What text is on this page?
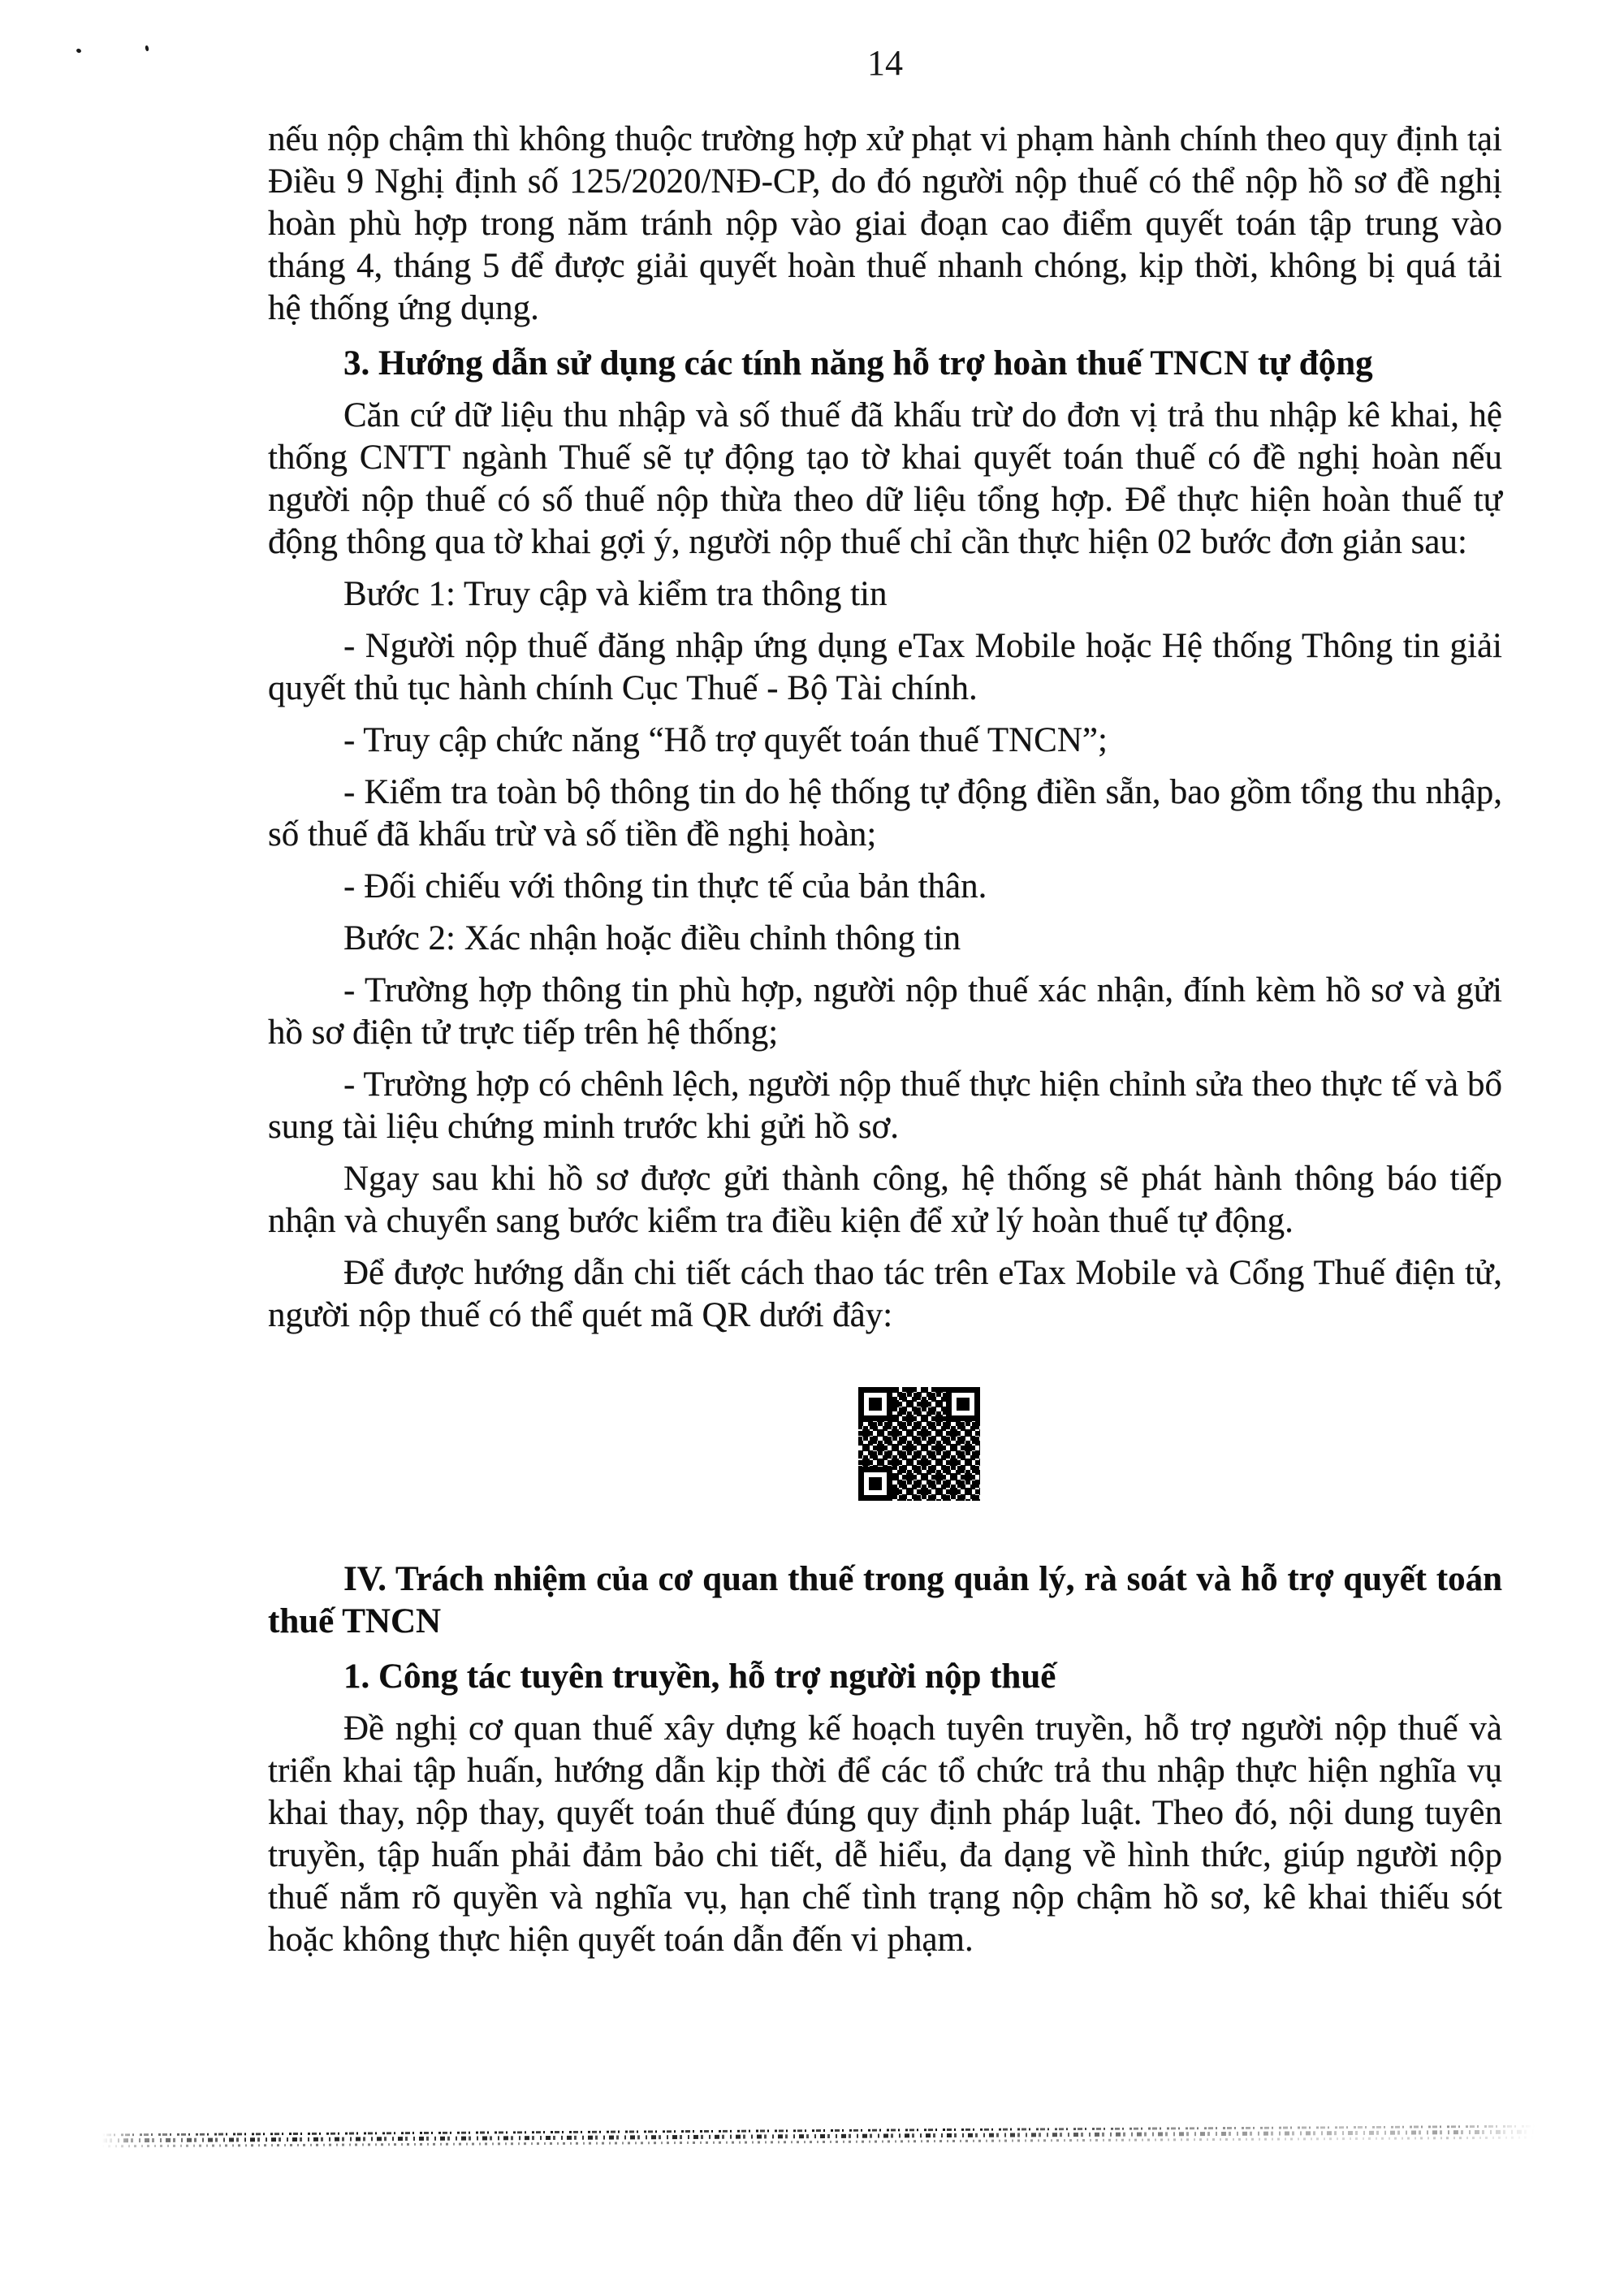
14

nếu nộp chậm thì không thuộc trường hợp xử phạt vi phạm hành chính theo quy định tại Điều 9 Nghị định số 125/2020/NĐ-CP, do đó người nộp thuế có thể nộp hồ sơ đề nghị hoàn phù hợp trong năm tránh nộp vào giai đoạn cao điểm quyết toán tập trung vào tháng 4, tháng 5 để được giải quyết hoàn thuế nhanh chóng, kịp thời, không bị quá tải hệ thống ứng dụng.

3. Hướng dẫn sử dụng các tính năng hỗ trợ hoàn thuế TNCN tự động

Căn cứ dữ liệu thu nhập và số thuế đã khấu trừ do đơn vị trả thu nhập kê khai, hệ thống CNTT ngành Thuế sẽ tự động tạo tờ khai quyết toán thuế có đề nghị hoàn nếu người nộp thuế có số thuế nộp thừa theo dữ liệu tổng hợp. Để thực hiện hoàn thuế tự động thông qua tờ khai gợi ý, người nộp thuế chỉ cần thực hiện 02 bước đơn giản sau:

Bước 1: Truy cập và kiểm tra thông tin

- Người nộp thuế đăng nhập ứng dụng eTax Mobile hoặc Hệ thống Thông tin giải quyết thủ tục hành chính Cục Thuế - Bộ Tài chính.

- Truy cập chức năng “Hỗ trợ quyết toán thuế TNCN”;

- Kiểm tra toàn bộ thông tin do hệ thống tự động điền sẵn, bao gồm tổng thu nhập, số thuế đã khấu trừ và số tiền đề nghị hoàn;

- Đối chiếu với thông tin thực tế của bản thân.

Bước 2: Xác nhận hoặc điều chỉnh thông tin

- Trường hợp thông tin phù hợp, người nộp thuế xác nhận, đính kèm hồ sơ và gửi hồ sơ điện tử trực tiếp trên hệ thống;

- Trường hợp có chênh lệch, người nộp thuế thực hiện chỉnh sửa theo thực tế và bổ sung tài liệu chứng minh trước khi gửi hồ sơ.

Ngay sau khi hồ sơ được gửi thành công, hệ thống sẽ phát hành thông báo tiếp nhận và chuyển sang bước kiểm tra điều kiện để xử lý hoàn thuế tự động.

Để được hướng dẫn chi tiết cách thao tác trên eTax Mobile và Cổng Thuế điện tử, người nộp thuế có thể quét mã QR dưới đây:

IV. Trách nhiệm của cơ quan thuế trong quản lý, rà soát và hỗ trợ quyết toán thuế TNCN

1. Công tác tuyên truyền, hỗ trợ người nộp thuế

Đề nghị cơ quan thuế xây dựng kế hoạch tuyên truyền, hỗ trợ người nộp thuế và triển khai tập huấn, hướng dẫn kịp thời để các tổ chức trả thu nhập thực hiện nghĩa vụ khai thay, nộp thay, quyết toán thuế đúng quy định pháp luật. Theo đó, nội dung tuyên truyền, tập huấn phải đảm bảo chi tiết, dễ hiểu, đa dạng về hình thức, giúp người nộp thuế nắm rõ quyền và nghĩa vụ, hạn chế tình trạng nộp chậm hồ sơ, kê khai thiếu sót hoặc không thực hiện quyết toán dẫn đến vi phạm.
